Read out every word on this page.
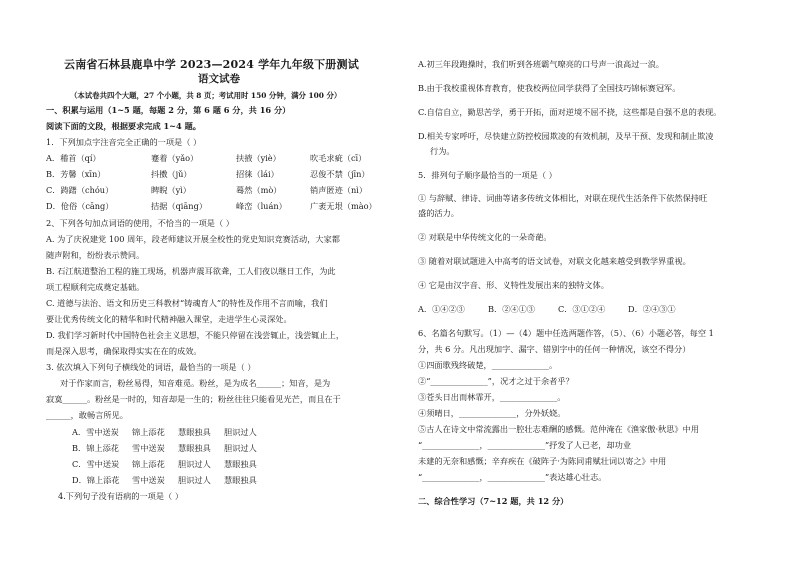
云南省石林县鹿阜中学 2023—2024 学年九年级下册测试
语文试卷
（本试卷共四个大题，27 个小题，共 8 页；考试用时 150 分钟，满分 100 分）
一、积累与运用（1~5 题，每题 2 分，第 6 题 6 分，共 16 分）
阅读下面的文段，根据要求完成 1~4 题。
1．下列加点字注音完全正确的一项是（ ）
A．稽首（qí）	蹇着（yǎo）	扶掖（yiè）	吹毛求疵（cī）
B．芳馨（xīn）	抖擞（jǔ）	招徕（lái）	忍俊不禁（jīn）
C．踌躇（chóu）	睥睨（yì）	蓦然（mò）	销声匿迹（nì）
D．伧俗（cāng）	拮据（qiāng）	峰峦（luán）	广袤无垠（mào）
2、下列各句加点词语的使用，不恰当的一项是（ ）
A. 为了庆祝建党 100 周年，段老师建议开展全校性的党史知识竞赛活动，大家都
随声附和，纷纷表示赞同。
B. 石江航道整治工程的施工现场，机器声震耳欲聋，工人们夜以继日工作，为此
项工程顺利完成奠定基础。
C. 道德与法治、语文和历史三科教材“铸魂育人”的特性及作用不言而喻，我们
要让优秀传统文化的精华和时代精神融入课堂，走进学生心灵深处。
D. 我们学习新时代中国特色社会主义思想，不能只停留在浅尝辄止，浅尝辄止上，
而是深入思考，确保取得实实在在的成效。
3. 依次填入下列句子横线处的词语，最恰当的一项是（ ）
对于作家而言，粉丝易得，知音难觅。粉丝，是为成名______；知音，是为
寂寞______。粉丝是一时的，知音却是一生的；粉丝往往只能看见光芒，而且在于
______，敢畅言所见。
A．雪中送炭 锦上添花 慧眼独具 胆识过人
B．锦上添花 雪中送炭 慧眼独具 胆识过人
C．雪中送炭 锦上添花 胆识过人 慧眼独具
D．锦上添花 雪中送炭 胆识过人 慧眼独具
4.下列句子没有语病的一项是（ ）
A.初三年段跑操时，我们听到各班霸气嘹亮的口号声一浪高过一浪。
B.由于我校重视体育教育，使我校两位同学获得了全国技巧锦标赛冠军。
C.自信自立，勤思苦学，勇于开拓，面对逆境不屈不挠，这些都是自强不息的表现。
D.相关专家呼吁，尽快建立防控校园欺凌的有效机制，及早干预、发现和制止欺凌
行为。
5．排列句子顺序最恰当的一项是（ ）
① 与辞赋、律诗、词曲等诸多传统文体相比，对联在现代生活条件下依然保持旺
盛的活力。
② 对联是中华传统文化的一朵奇葩。
③ 随着对联试题进入中高考的语文试卷，对联文化越来越受到教学界重视。
④ 它是由汉字音、形、义特性发展出来的独特文体。
A．①④②③	B．②④①③	C．③①②④	D．②④③①
6、名篇名句默写。（1）—（4）题中任选两题作答，（5）、（6）小题必答，每空 1
分，共 6 分。凡出现加字、漏字、错别字中的任何一种情况，该空不得分）
①四面歌残终破楚，______________。
②“______________”，况才之过于余者乎？
③苍头日出而林霏开，______________。
④须晴日，______________，分外妖娆。
⑤古人在诗文中常流露出一腔壮志难酬的感慨。范仲淹在《渔家傲·秋思》中用
“______________，______________”抒发了人已老，却功业
未建的无奈和感慨；辛弃疾在《破阵子·为陈同甫赋壮词以寄之》中用
“______________，______________”表达雄心壮志。
二、综合性学习（7~12 题，共 12 分）
